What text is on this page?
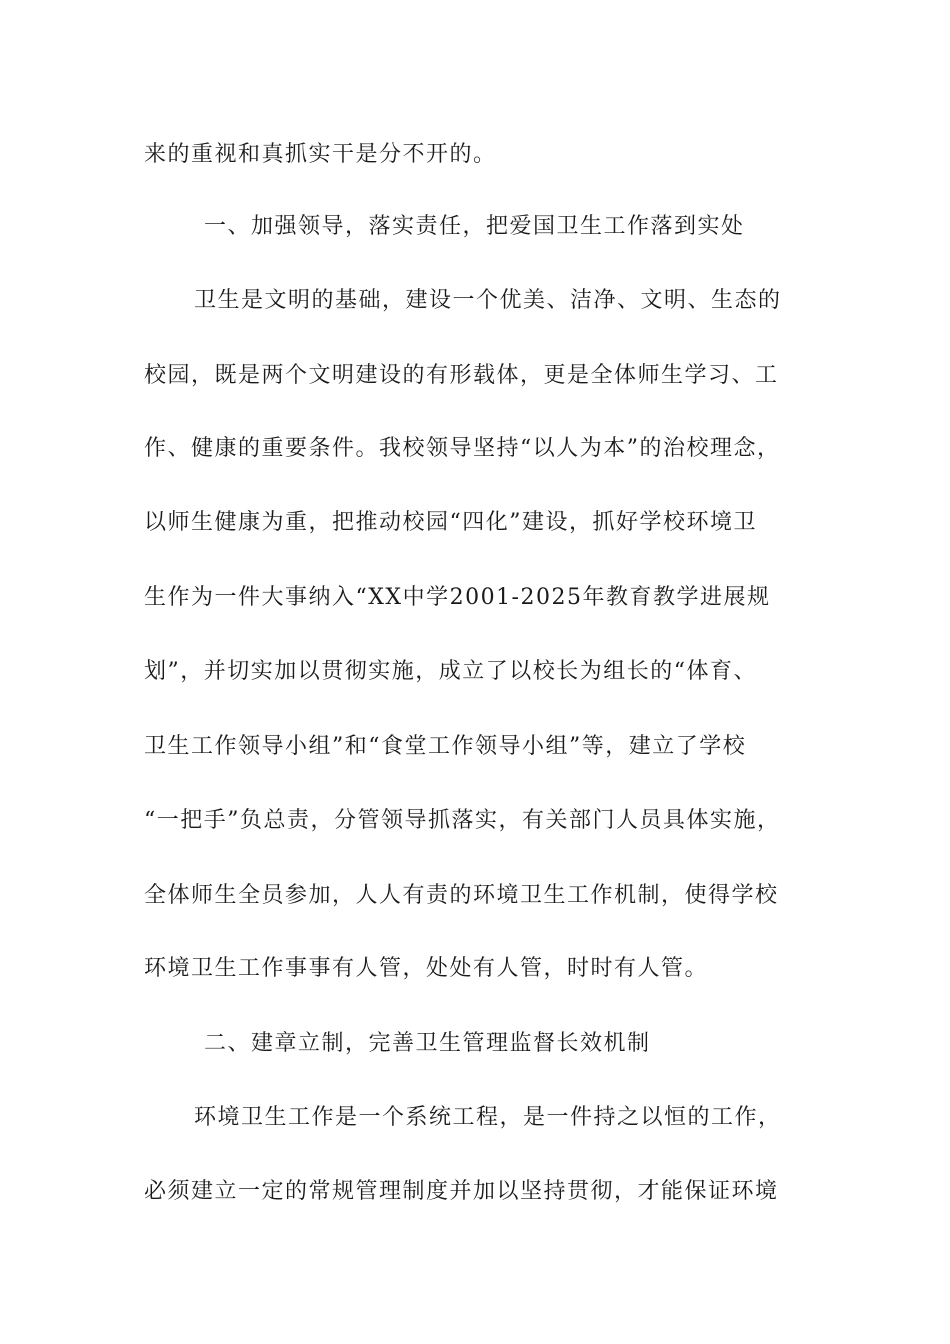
来的重视和真抓实干是分不开的。
一、加强领导，落实责任，把爱国卫生工作落到实处
卫生是文明的基础，建设一个优美、洁净、文明、生态的
校园，既是两个文明建设的有形载体，更是全体师生学习、工
作、健康的重要条件。我校领导坚持“以人为本”的治校理念，
以师生健康为重，把推动校园“四化”建设，抓好学校环境卫
生作为一件大事纳入“XX中学2001-2025年教育教学进展规
划”，并切实加以贯彻实施，成立了以校长为组长的“体育、
卫生工作领导小组”和“食堂工作领导小组”等，建立了学校
“一把手”负总责，分管领导抓落实，有关部门人员具体实施，
全体师生全员参加，人人有责的环境卫生工作机制，使得学校
环境卫生工作事事有人管，处处有人管，时时有人管。
二、建章立制，完善卫生管理监督长效机制
环境卫生工作是一个系统工程，是一件持之以恒的工作，
必须建立一定的常规管理制度并加以坚持贯彻，才能保证环境
